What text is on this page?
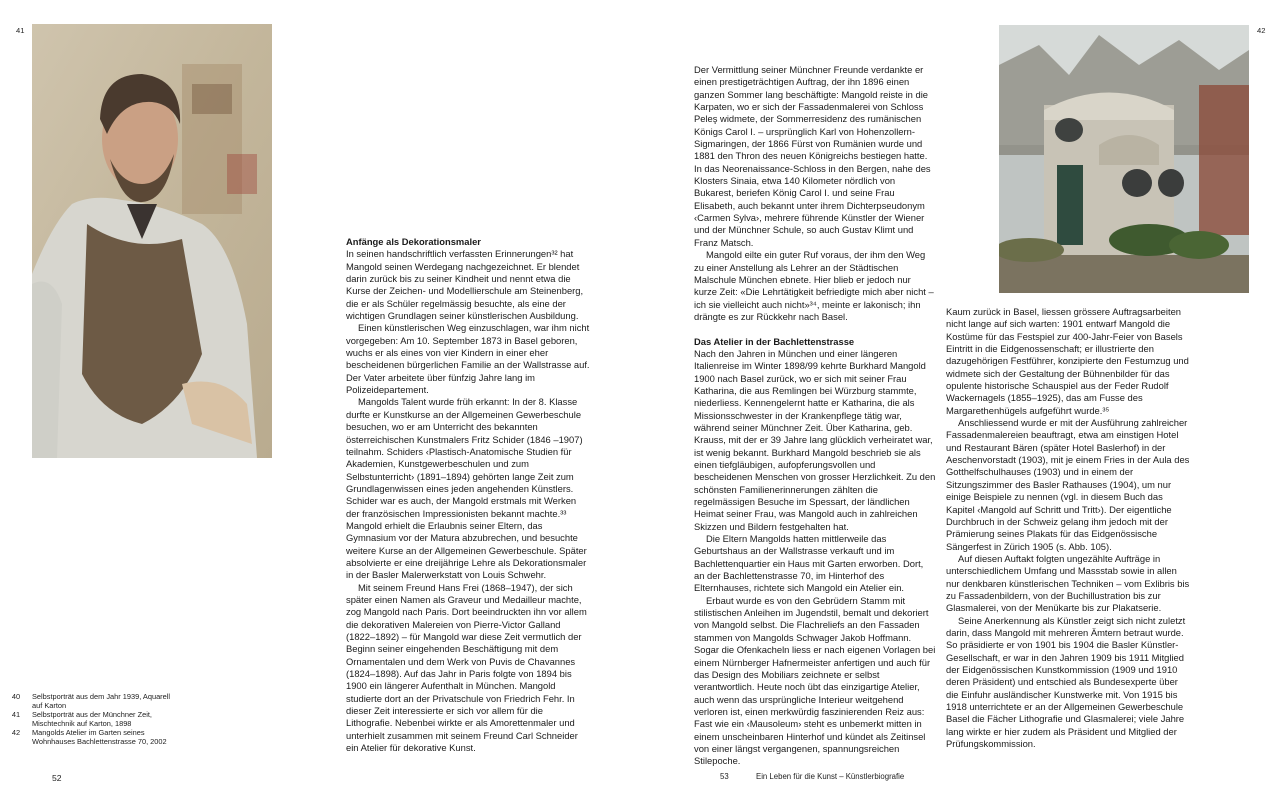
41
40	Selbstporträt aus dem Jahr 1939, Aquarell auf Karton
41	Selbstporträt aus der Münchner Zeit, Mischtechnik auf Karton, 1898
42	Mangolds Atelier im Garten seines Wohnhauses Bachlettenstrasse 70, 2002
52
Anfänge als Dekorationsmaler

In seinen handschriftlich verfassten Erinnerungen³² hat Mangold seinen Werdegang nachgezeichnet. Er blendet darin zurück bis zu seiner Kindheit und nennt etwa die Kurse der Zeichen- und Modellierschule am Steinenberg, die er als Schüler regelmässig besuchte, als eine der wichtigen Grundlagen seiner künstlerischen Ausbildung.

Einen künstlerischen Weg einzuschlagen, war ihm nicht vorgegeben: Am 10. September 1873 in Basel geboren, wuchs er als eines von vier Kindern in einer eher bescheidenen bürgerlichen Familie an der Wallstrasse auf. Der Vater arbeitete über fünfzig Jahre lang im Polizeidepartement.

Mangolds Talent wurde früh erkannt: In der 8. Klasse durfte er Kunstkurse an der Allgemeinen Gewerbeschule besuchen, wo er am Unterricht des bekannten österreichischen Kunstmalers Fritz Schider (1846 –1907) teilnahm. Schiders ‹Plastisch-Anatomische Studien für Akademien, Kunstgewerbeschulen und zum Selbstunterricht› (1891–1894) gehörten lange Zeit zum Grundlagenwissen eines jeden angehenden Künstlers. Schider war es auch, der Mangold erstmals mit Werken der französischen Impressionisten bekannt machte.³³ Mangold erhielt die Erlaubnis seiner Eltern, das Gymnasium vor der Matura abzubrechen, und besuchte weitere Kurse an der Allgemeinen Gewerbeschule. Später absolvierte er eine dreijährige Lehre als Dekorationsmaler in der Basler Malerwerkstatt von Louis Schwehr.

Mit seinem Freund Hans Frei (1868–1947), der sich später einen Namen als Graveur und Medailleur machte, zog Mangold nach Paris. Dort beeindruckten ihn vor allem die dekorativen Malereien von Pierre-Victor Galland (1822–1892) – für Mangold war diese Zeit vermutlich der Beginn seiner eingehenden Beschäftigung mit dem Ornamentalen und dem Werk von Puvis de Chavannes (1824–1898). Auf das Jahr in Paris folgte von 1894 bis 1900 ein längerer Aufenthalt in München. Mangold studierte dort an der Privatschule von Friedrich Fehr. In dieser Zeit interessierte er sich vor allem für die Lithografie. Nebenbei wirkte er als Amorettenmaler und unterhielt zusammen mit seinem Freund Carl Schneider ein Atelier für dekorative Kunst.

Der Vermittlung seiner Münchner Freunde verdankte er einen prestigeträchtigen Auftrag, der ihn 1896 einen ganzen Sommer lang beschäftigte: Mangold reiste in die Karpaten, wo er sich der Fassadenmalerei von Schloss Peleş widmete, der Sommerresidenz des rumänischen Königs Carol I. – ursprünglich Karl von Hohenzollern-Sigmaringen, der 1866 Fürst von Rumänien wurde und 1881 den Thron des neuen Königreichs bestiegen hatte. In das Neorenaissance-Schloss in den Bergen, nahe des Klosters Sinaia, etwa 140 Kilometer nördlich von Bukarest, beriefen König Carol I. und seine Frau Elisabeth, auch bekannt unter ihrem Dichterpseudonym ‹Carmen Sylva›, mehrere führende Künstler der Wiener und der Münchner Schule, so auch Gustav Klimt und Franz Matsch.

Mangold eilte ein guter Ruf voraus, der ihm den Weg zu einer Anstellung als Lehrer an der Städtischen Malschule München ebnete. Hier blieb er jedoch nur kurze Zeit: «Die Lehrtätigkeit befriedigte mich aber nicht – ich sie vielleicht auch nicht»³⁴, meinte er lakonisch; ihn drängte es zur Rückkehr nach Basel.

Das Atelier in der Bachlettenstrasse

Nach den Jahren in München und einer längeren Italienreise im Winter 1898/99 kehrte Burkhard Mangold 1900 nach Basel zurück, wo er sich mit seiner Frau Katharina, die aus Remlingen bei Würzburg stammte, niederliess. Kennengelernt hatte er Katharina, die als Missionsschwester in der Krankenpflege tätig war, während seiner Münchner Zeit. Über Katharina, geb. Krauss, mit der er 39 Jahre lang glücklich verheiratet war, ist wenig bekannt. Burkhard Mangold beschrieb sie als einen tiefgläubigen, aufopferungsvollen und bescheidenen Menschen von grosser Herzlichkeit. Zu den schönsten Familienerinnerungen zählten die regelmässigen Besuche im Spessart, der ländlichen Heimat seiner Frau, was Mangold auch in zahlreichen Skizzen und Bildern festgehalten hat.

Die Eltern Mangolds hatten mittlerweile das Geburtshaus an der Wallstrasse verkauft und im Bachlettenquartier ein Haus mit Garten erworben. Dort, an der Bachlettenstrasse 70, im Hinterhof des Elternhauses, richtete sich Mangold ein Atelier ein.

Erbaut wurde es von den Gebrüdern Stamm mit stilistischen Anleihen im Jugendstil, bemalt und dekoriert von Mangold selbst. Die Flachreliefs an den Fassaden stammen von Mangolds Schwager Jakob Hoffmann. Sogar die Ofenkacheln liess er nach eigenen Vorlagen bei einem Nürnberger Hafnermeister anfertigen und auch für das Design des Mobiliars zeichnete er selbst verantwortlich. Heute noch übt das einzigartige Atelier, auch wenn das ursprüngliche Interieur weitgehend verloren ist, einen merkwürdig faszinierenden Reiz aus: Fast wie ein ‹Mausoleum› steht es unbemerkt mitten in einem unscheinbaren Hinterhof und kündet als Zeitinsel von einer längst vergangenen, spannungsreichen Stilepoche.

42

Kaum zurück in Basel, liessen grössere Auftragsarbeiten nicht lange auf sich warten: 1901 entwarf Mangold die Kostüme für das Festspiel zur 400-Jahr-Feier von Basels Eintritt in die Eidgenossenschaft; er illustrierte den dazugehörigen Festführer, konzipierte den Festumzug und widmete sich der Gestaltung der Bühnenbilder für das opulente historische Schauspiel aus der Feder Rudolf Wackernagels (1855–1925), das am Fusse des Margarethenhügels aufgeführt wurde.³⁵

Anschliessend wurde er mit der Ausführung zahlreicher Fassadenmalereien beauftragt, etwa am einstigen Hotel und Restaurant Bären (später Hotel Baslerhof) in der Aeschenvorstadt (1903), mit je einem Fries in der Aula des Gotthelfschulhauses (1903) und in einem der Sitzungszimmer des Basler Rathauses (1904), um nur einige Beispiele zu nennen (vgl. in diesem Buch das Kapitel ‹Mangold auf Schritt und Tritt›). Der eigentliche Durchbruch in der Schweiz gelang ihm jedoch mit der Prämierung seines Plakats für das Eidgenössische Sängerfest in Zürich 1905 (s. Abb. 105).

Auf diesen Auftakt folgten ungezählte Aufträge in unterschiedlichem Umfang und Massstab sowie in allen nur denkbaren künstlerischen Techniken – vom Exlibris bis zu Fassadenbildern, von der Buchillustration bis zur Glasmalerei, von der Menükarte bis zur Plakatserie.

Seine Anerkennung als Künstler zeigt sich nicht zuletzt darin, dass Mangold mit mehreren Ämtern betraut wurde. So präsidierte er von 1901 bis 1904 die Basler Künstler-Gesellschaft, er war in den Jahren 1909 bis 1911 Mitglied der Eidgenössischen Kunstkommission (1909 und 1910 deren Präsident) und entschied als Bundesexperte über die Einfuhr ausländischer Kunstwerke mit. Von 1915 bis 1918 unterrichtete er an der Allgemeinen Gewerbeschule Basel die Fächer Lithografie und Glasmalerei; viele Jahre lang wirkte er hier zudem als Präsident und Mitglied der Prüfungskommission.

53	Ein Leben für die Kunst – Künstlerbiografie
